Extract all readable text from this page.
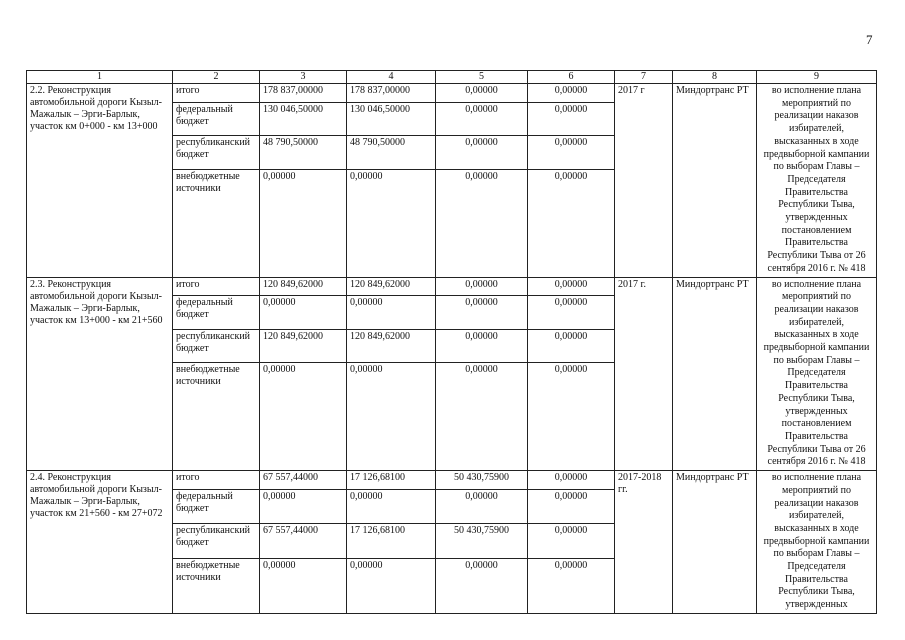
7
1	2	3	4	5	6	7	8	9
2.2. Реконструкция автомобильной дороги Кызыл-Мажалык – Эрги-Барлык, участок км 0+000 - км 13+000	итого	178 837,00000	178 837,00000	0,00000	0,00000	2017 г	Миндортранс РТ	во исполнение плана мероприятий по реализации наказов избирателей, высказанных в ходе предвыборной кампании по выборам Главы – Председателя Правительства Республики Тыва, утвержденных постановлением Правительства Республики Тыва от 26 сентября 2016 г. № 418
	федеральный бюджет	130 046,50000	130 046,50000	0,00000	0,00000			
	республиканский бюджет	48 790,50000	48 790,50000	0,00000	0,00000			
	внебюджетные источники	0,00000	0,00000	0,00000	0,00000			
2.3. Реконструкция автомобильной дороги Кызыл-Мажалык – Эрги-Барлык, участок км 13+000 - км 21+560	итого	120 849,62000	120 849,62000	0,00000	0,00000	2017 г.	Миндортранс РТ	во исполнение плана мероприятий по реализации наказов избирателей, высказанных в ходе предвыборной кампании по выборам Главы – Председателя Правительства Республики Тыва, утвержденных постановлением Правительства Республики Тыва от 26 сентября 2016 г. № 418
	федеральный бюджет	0,00000	0,00000	0,00000	0,00000			
	республиканский бюджет	120 849,62000	120 849,62000	0,00000	0,00000			
	внебюджетные источники	0,00000	0,00000	0,00000	0,00000			
2.4. Реконструкция автомобильной дороги Кызыл-Мажалык – Эрги-Барлык, участок км 21+560 - км 27+072	итого	67 557,44000	17 126,68100	50 430,75900	0,00000	2017-2018 гг.	Миндортранс РТ	во исполнение плана мероприятий по реализации наказов избирателей, высказанных в ходе предвыборной кампании по выборам Главы – Председателя Правительства Республики Тыва, утвержденных
	федеральный бюджет	0,00000	0,00000	0,00000	0,00000			
	республиканский бюджет	67 557,44000	17 126,68100	50 430,75900	0,00000			
	внебюджетные источники	0,00000	0,00000	0,00000	0,00000			
